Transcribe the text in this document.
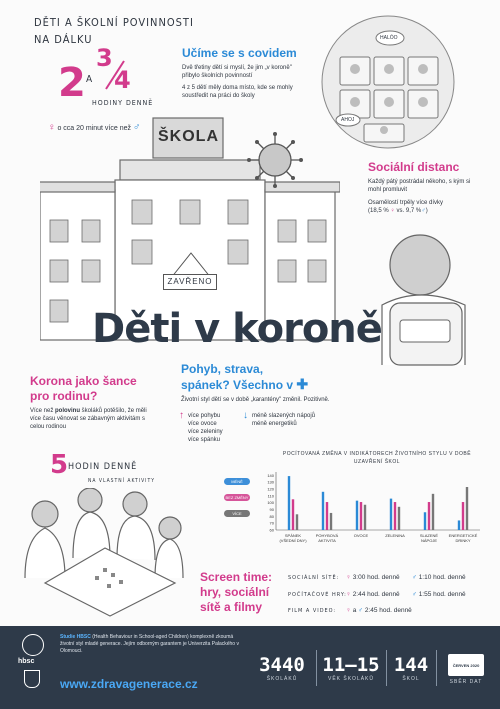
DĚTI A ŠKOLNÍ POVINNOSTI
NA DÁLKU
2 A
3
4
HODINY DENNĚ
♀ o cca 20 minut více než ♂
Učíme se s covidem
Dvě třetiny dětí si myslí, že jim „v koroně" přibylo školních povinností
4 z 5 dětí měly doma místo, kde se mohly soustředit na práci do školy
HALÓO
AHOJ
ŠKOLA
ZAVŘENO
Sociální distanc
Každý pátý postrádal někoho, s kým si mohl promluvit
Osamělostí trpěly více dívky
(18,5 % ♀ vs. 9,7 %♂)
Děti v koroně
Korona jako šance
pro rodinu?
Více než polovinu školáků potěšilo, že měli více času věnovat se zábavným aktivitám s celou rodinou
Pohyb, strava,
spánek? Všechno v ✚
Životní styl dětí se v době „karantény" změnil. Pozitivně.
↑ více pohybu
více ovoce
více zeleniny
více spánku
↓ méně slazených nápojů
méně energetiků
5 HODIN DENNĚ
NA VLASTNÍ AKTIVITY
POCÍTOVANÁ ZMĚNA V INDIKÁTORECH ŽIVOTNÍHO STYLU V DOBĚ UZAVŘENÍ ŠKOL
MÉNĚ
BEZ ZMĚNY
VÍCE
140
130
120
110
100
90
80
70
60
SPÁNEK
(VŠEDNÍ DNY)
POHYBOVÁ
AKTIVITA
OVOCE	ZELENINA	SLAZENÉ
NÁPOJE
ENERGETICKÉ
DRINKY
Screen time:
hry, sociální
sítě a filmy
SOCIÁLNÍ SÍTĚ: ♀ 3:00 hod. denně ♂ 1:10 hod. denně
POČÍTAČOVÉ HRY: ♀ 2:44 hod. denně ♂ 1:55 hod. denně
FILM A VIDEO: ♀ a ♂ 2:45 hod. denně
hbsc
Studie HBSC (Health Behaviour in School-aged Children) komplexně zkoumá životní styl mladé generace. Jejím odborným garantem je Univerzita Palackého v Olomouci.
www.zdravagenerace.cz
3440
ŠKOLÁKŮ
11–15
VĚK ŠKOLÁKŮ
144
ŠKOL
ČERVEN 2020
SBĚR DAT
